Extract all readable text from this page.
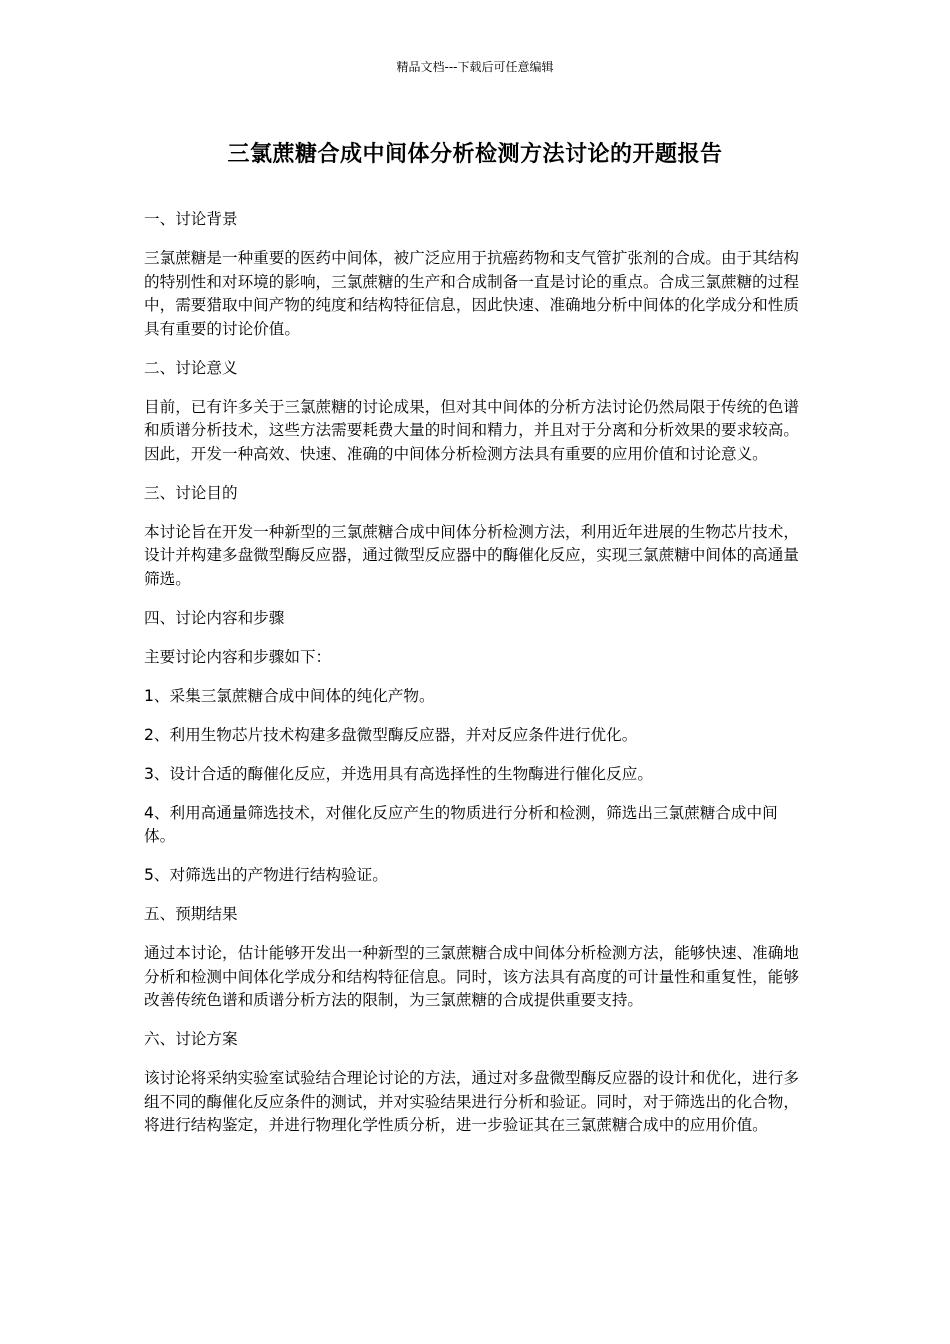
精品文档---下载后可任意编辑
三氯蔗糖合成中间体分析检测方法讨论的开题报告

一、讨论背景

三氯蔗糖是一种重要的医药中间体，被广泛应用于抗癌药物和支气管扩张剂的合成。由于其结构的特别性和对环境的影响，三氯蔗糖的生产和合成制备一直是讨论的重点。合成三氯蔗糖的过程中，需要猎取中间产物的纯度和结构特征信息，因此快速、准确地分析中间体的化学成分和性质具有重要的讨论价值。

二、讨论意义

目前，已有许多关于三氯蔗糖的讨论成果，但对其中间体的分析方法讨论仍然局限于传统的色谱和质谱分析技术，这些方法需要耗费大量的时间和精力，并且对于分离和分析效果的要求较高。因此，开发一种高效、快速、准确的中间体分析检测方法具有重要的应用价值和讨论意义。

三、讨论目的

本讨论旨在开发一种新型的三氯蔗糖合成中间体分析检测方法，利用近年进展的生物芯片技术，设计并构建多盘微型酶反应器，通过微型反应器中的酶催化反应，实现三氯蔗糖中间体的高通量筛选。

四、讨论内容和步骤

主要讨论内容和步骤如下：

1、采集三氯蔗糖合成中间体的纯化产物。

2、利用生物芯片技术构建多盘微型酶反应器，并对反应条件进行优化。

3、设计合适的酶催化反应，并选用具有高选择性的生物酶进行催化反应。

4、利用高通量筛选技术，对催化反应产生的物质进行分析和检测，筛选出三氯蔗糖合成中间体。

5、对筛选出的产物进行结构验证。

五、预期结果

通过本讨论，估计能够开发出一种新型的三氯蔗糖合成中间体分析检测方法，能够快速、准确地分析和检测中间体化学成分和结构特征信息。同时，该方法具有高度的可计量性和重复性，能够改善传统色谱和质谱分析方法的限制，为三氯蔗糖的合成提供重要支持。

六、讨论方案

该讨论将采纳实验室试验结合理论讨论的方法，通过对多盘微型酶反应器的设计和优化，进行多组不同的酶催化反应条件的测试，并对实验结果进行分析和验证。同时，对于筛选出的化合物，将进行结构鉴定，并进行物理化学性质分析，进一步验证其在三氯蔗糖合成中的应用价值。
